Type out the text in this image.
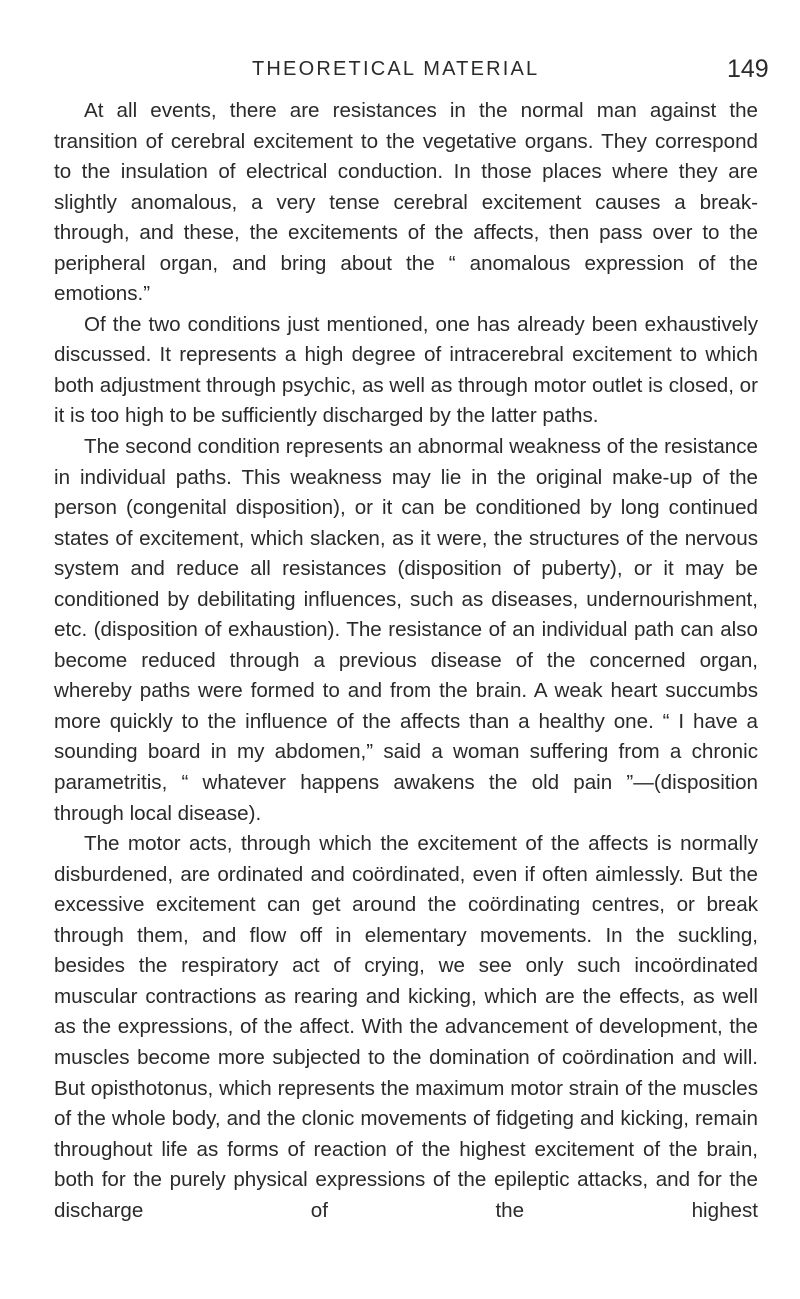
THEORETICAL MATERIAL	149

At all events, there are resistances in the normal man against the transition of cerebral excitement to the vegetative organs. They correspond to the insulation of electrical conduction. In those places where they are slightly anomalous, a very tense cerebral excitement causes a break-through, and these, the excitements of the affects, then pass over to the peripheral organ, and bring about the “ anomalous expression of the emotions.”

Of the two conditions just mentioned, one has already been exhaustively discussed. It represents a high degree of intracerebral excitement to which both adjustment through psychic, as well as through motor outlet is closed, or it is too high to be sufficiently discharged by the latter paths.

The second condition represents an abnormal weakness of the resistance in individual paths. This weakness may lie in the original make-up of the person (congenital disposition), or it can be conditioned by long continued states of excitement, which slacken, as it were, the structures of the nervous system and reduce all resistances (disposition of puberty), or it may be conditioned by debilitating influences, such as diseases, undernourishment, etc. (disposition of exhaustion). The resistance of an individual path can also become reduced through a previous disease of the concerned organ, whereby paths were formed to and from the brain. A weak heart succumbs more quickly to the influence of the affects than a healthy one. “ I have a sounding board in my abdomen,” said a woman suffering from a chronic parametritis, “ whatever happens awakens the old pain ”—(disposition through local disease).

The motor acts, through which the excitement of the affects is normally disburdened, are ordinated and coördinated, even if often aimlessly. But the excessive excitement can get around the coördinating centres, or break through them, and flow off in elementary movements. In the suckling, besides the respiratory act of crying, we see only such incoördinated muscular contractions as rearing and kicking, which are the effects, as well as the expressions, of the affect. With the advancement of development, the muscles become more subjected to the domination of coördination and will. But opisthotonus, which represents the maximum motor strain of the muscles of the whole body, and the clonic movements of fidgeting and kicking, remain throughout life as forms of reaction of the highest excitement of the brain, both for the purely physical expressions of the epileptic attacks, and for the discharge of the highest
